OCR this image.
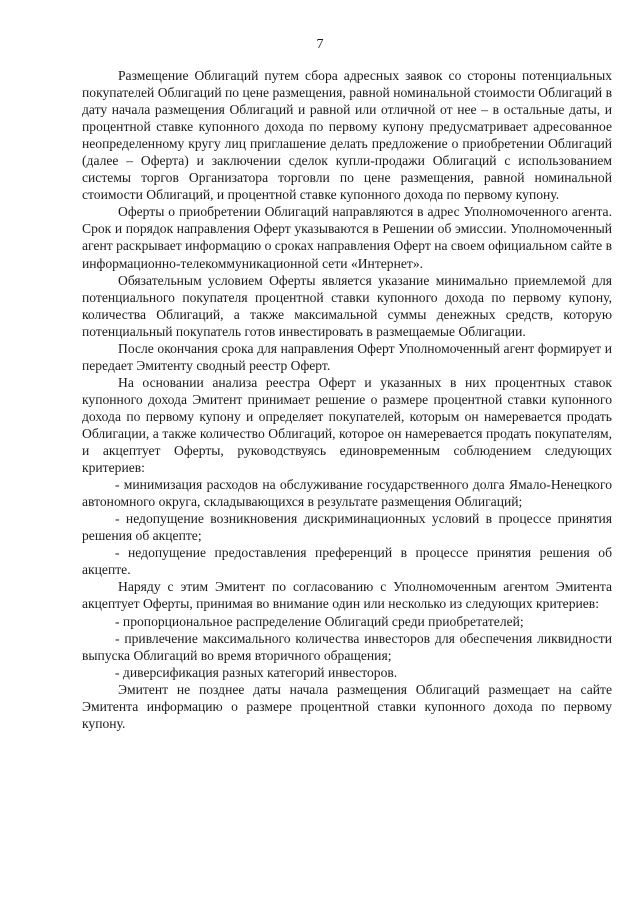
7

Размещение Облигаций путем сбора адресных заявок со стороны потенциальных покупателей Облигаций по цене размещения, равной номинальной стоимости Облигаций в дату начала размещения Облигаций и равной или отличной от нее – в остальные даты, и процентной ставке купонного дохода по первому купону предусматривает адресованное неопределенному кругу лиц приглашение делать предложение о приобретении Облигаций (далее – Оферта) и заключении сделок купли-продажи Облигаций с использованием системы торгов Организатора торговли по цене размещения, равной номинальной стоимости Облигаций, и процентной ставке купонного дохода по первому купону.

Оферты о приобретении Облигаций направляются в адрес Уполномоченного агента. Срок и порядок направления Оферт указываются в Решении об эмиссии. Уполномоченный агент раскрывает информацию о сроках направления Оферт на своем официальном сайте в информационно-телекоммуникационной сети «Интернет».

Обязательным условием Оферты является указание минимально приемлемой для потенциального покупателя процентной ставки купонного дохода по первому купону, количества Облигаций, а также максимальной суммы денежных средств, которую потенциальный покупатель готов инвестировать в размещаемые Облигации.

После окончания срока для направления Оферт Уполномоченный агент формирует и передает Эмитенту сводный реестр Оферт.

На основании анализа реестра Оферт и указанных в них процентных ставок купонного дохода Эмитент принимает решение о размере процентной ставки купонного дохода по первому купону и определяет покупателей, которым он намеревается продать Облигации, а также количество Облигаций, которое он намеревается продать покупателям, и акцептует Оферты, руководствуясь единовременным соблюдением следующих критериев:

- минимизация расходов на обслуживание государственного долга Ямало-Ненецкого автономного округа, складывающихся в результате размещения Облигаций;

- недопущение возникновения дискриминационных условий в процессе принятия решения об акцепте;

- недопущение предоставления преференций в процессе принятия решения об акцепте.

Наряду с этим Эмитент по согласованию с Уполномоченным агентом Эмитента акцептует Оферты, принимая во внимание один или несколько из следующих критериев:

- пропорциональное распределение Облигаций среди приобретателей;

- привлечение максимального количества инвесторов для обеспечения ликвидности выпуска Облигаций во время вторичного обращения;

- диверсификация разных категорий инвесторов.

Эмитент не позднее даты начала размещения Облигаций размещает на сайте Эмитента информацию о размере процентной ставки купонного дохода по первому купону.
